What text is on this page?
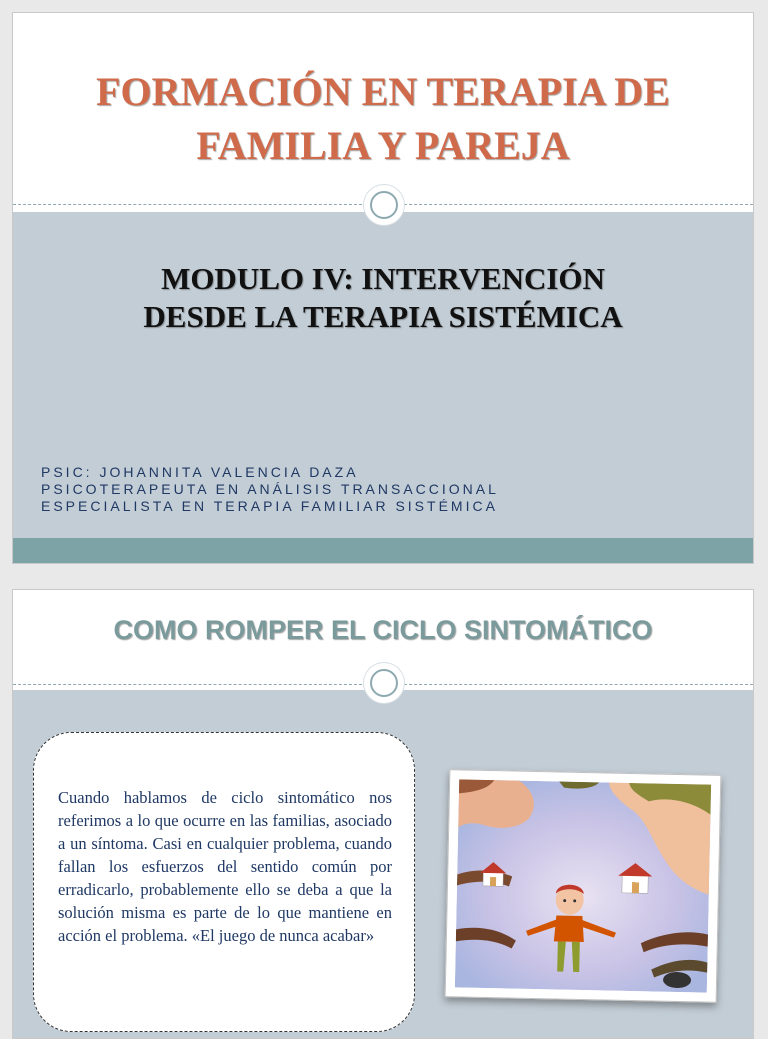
FORMACIÓN EN TERAPIA DE
FAMILIA Y PAREJA
MODULO IV: INTERVENCIÓN
DESDE LA TERAPIA SISTÉMICA
PSIC: JOHANNITA VALENCIA DAZA
PSICOTERAPEUTA EN ANÁLISIS TRANSACCIONAL
ESPECIALISTA EN TERAPIA FAMILIAR SISTÉMICA
COMO ROMPER EL CICLO SINTOMÁTICO

Cuando hablamos de ciclo sintomático nos referimos a lo que ocurre en las familias, asociado a un síntoma. Casi en cualquier problema, cuando fallan los esfuerzos del sentido común por erradicarlo, probablemente ello se deba a que la solución misma es parte de lo que mantiene en acción el problema. «El juego de nunca acabar»
